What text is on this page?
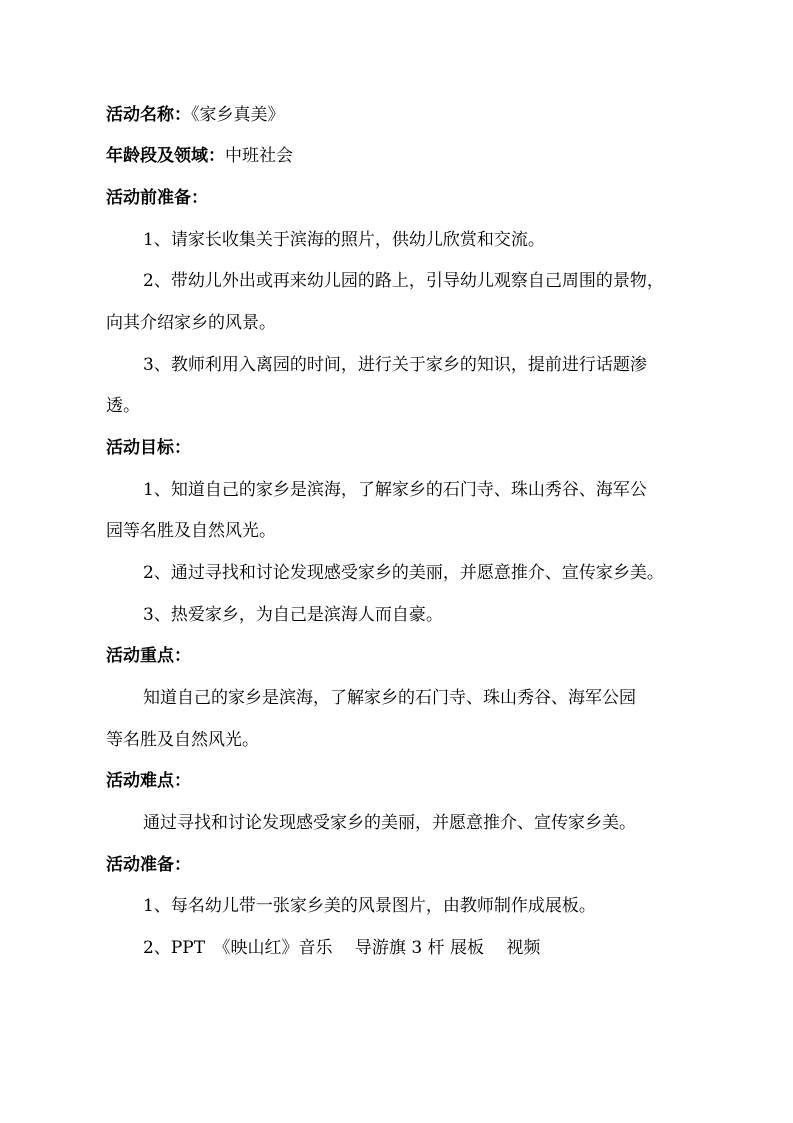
活动名称：《家乡真美》
年龄段及领域：中班社会
活动前准备：
1、请家长收集关于滨海的照片，供幼儿欣赏和交流。
2、带幼儿外出或再来幼儿园的路上，引导幼儿观察自己周围的景物，
向其介绍家乡的风景。
3、教师利用入离园的时间，进行关于家乡的知识，提前进行话题渗
透。
活动目标：
1、知道自己的家乡是滨海，了解家乡的石门寺、珠山秀谷、海军公
园等名胜及自然风光。
2、通过寻找和讨论发现感受家乡的美丽，并愿意推介、宣传家乡美。
3、热爱家乡，为自己是滨海人而自豪。
活动重点：
知道自己的家乡是滨海，了解家乡的石门寺、珠山秀谷、海军公园
等名胜及自然风光。
活动难点：
通过寻找和讨论发现感受家乡的美丽，并愿意推介、宣传家乡美。
活动准备：
1、每名幼儿带一张家乡美的风景图片，由教师制作成展板。
2、PPT　《映山红》音乐　 导游旗 3 杆 展板　 视频
